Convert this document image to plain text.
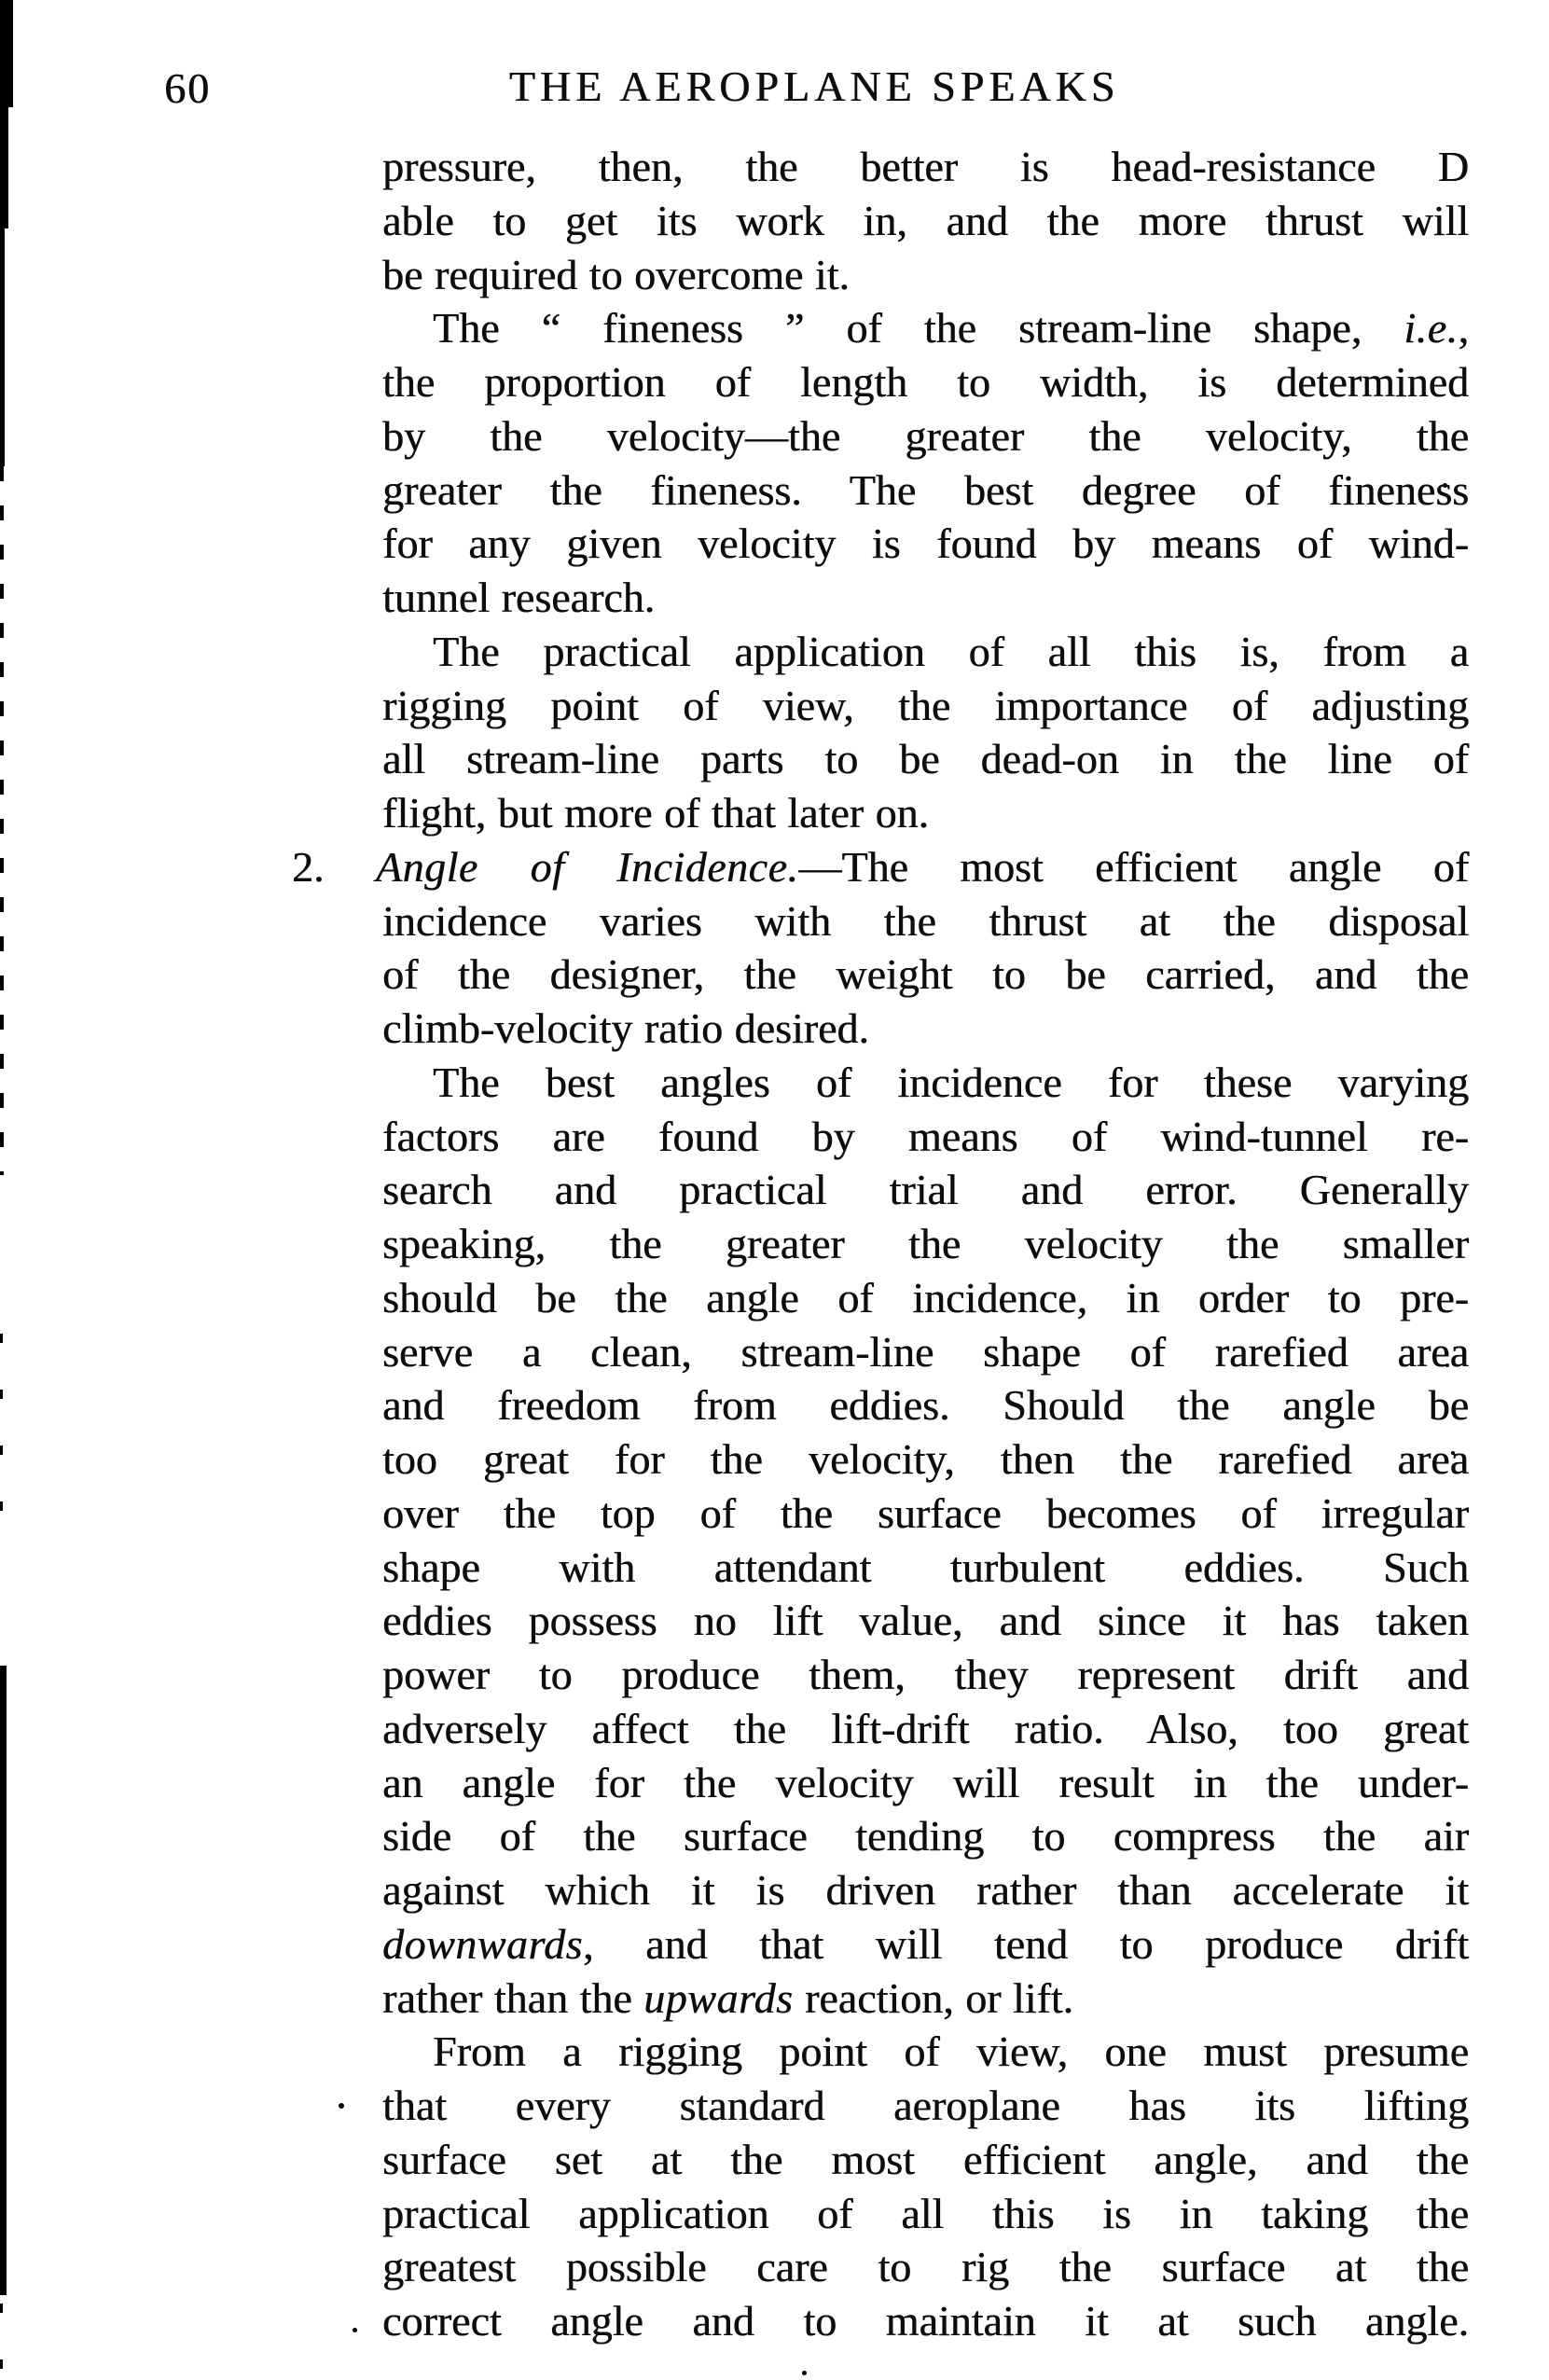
60	THE AEROPLANE SPEAKS
pressure, then, the better is head-resistance D
able to get its work in, and the more thrust will
be required to overcome it.
The “ fineness ” of the stream-line shape, i.e.,
the proportion of length to width, is determined
by the velocity—the greater the velocity, the
greater the fineness. The best degree of fineness
for any given velocity is found by means of wind-
tunnel research.
The practical application of all this is, from a
rigging point of view, the importance of adjusting
all stream-line parts to be dead-on in the line of
flight, but more of that later on.
2. Angle of Incidence.—The most efficient angle of
incidence varies with the thrust at the disposal
of the designer, the weight to be carried, and the
climb-velocity ratio desired.
The best angles of incidence for these varying
factors are found by means of wind-tunnel re-
search and practical trial and error. Generally
speaking, the greater the velocity the smaller
should be the angle of incidence, in order to pre-
serve a clean, stream-line shape of rarefied area
and freedom from eddies. Should the angle be
too great for the velocity, then the rarefied area
over the top of the surface becomes of irregular
shape with attendant turbulent eddies. Such
eddies possess no lift value, and since it has taken
power to produce them, they represent drift and
adversely affect the lift-drift ratio. Also, too great
an angle for the velocity will result in the under-
side of the surface tending to compress the air
against which it is driven rather than accelerate it
downwards, and that will tend to produce drift
rather than the upwards reaction, or lift.
From a rigging point of view, one must presume
that every standard aeroplane has its lifting
surface set at the most efficient angle, and the
practical application of all this is in taking the
greatest possible care to rig the surface at the
correct angle and to maintain it at such angle.
